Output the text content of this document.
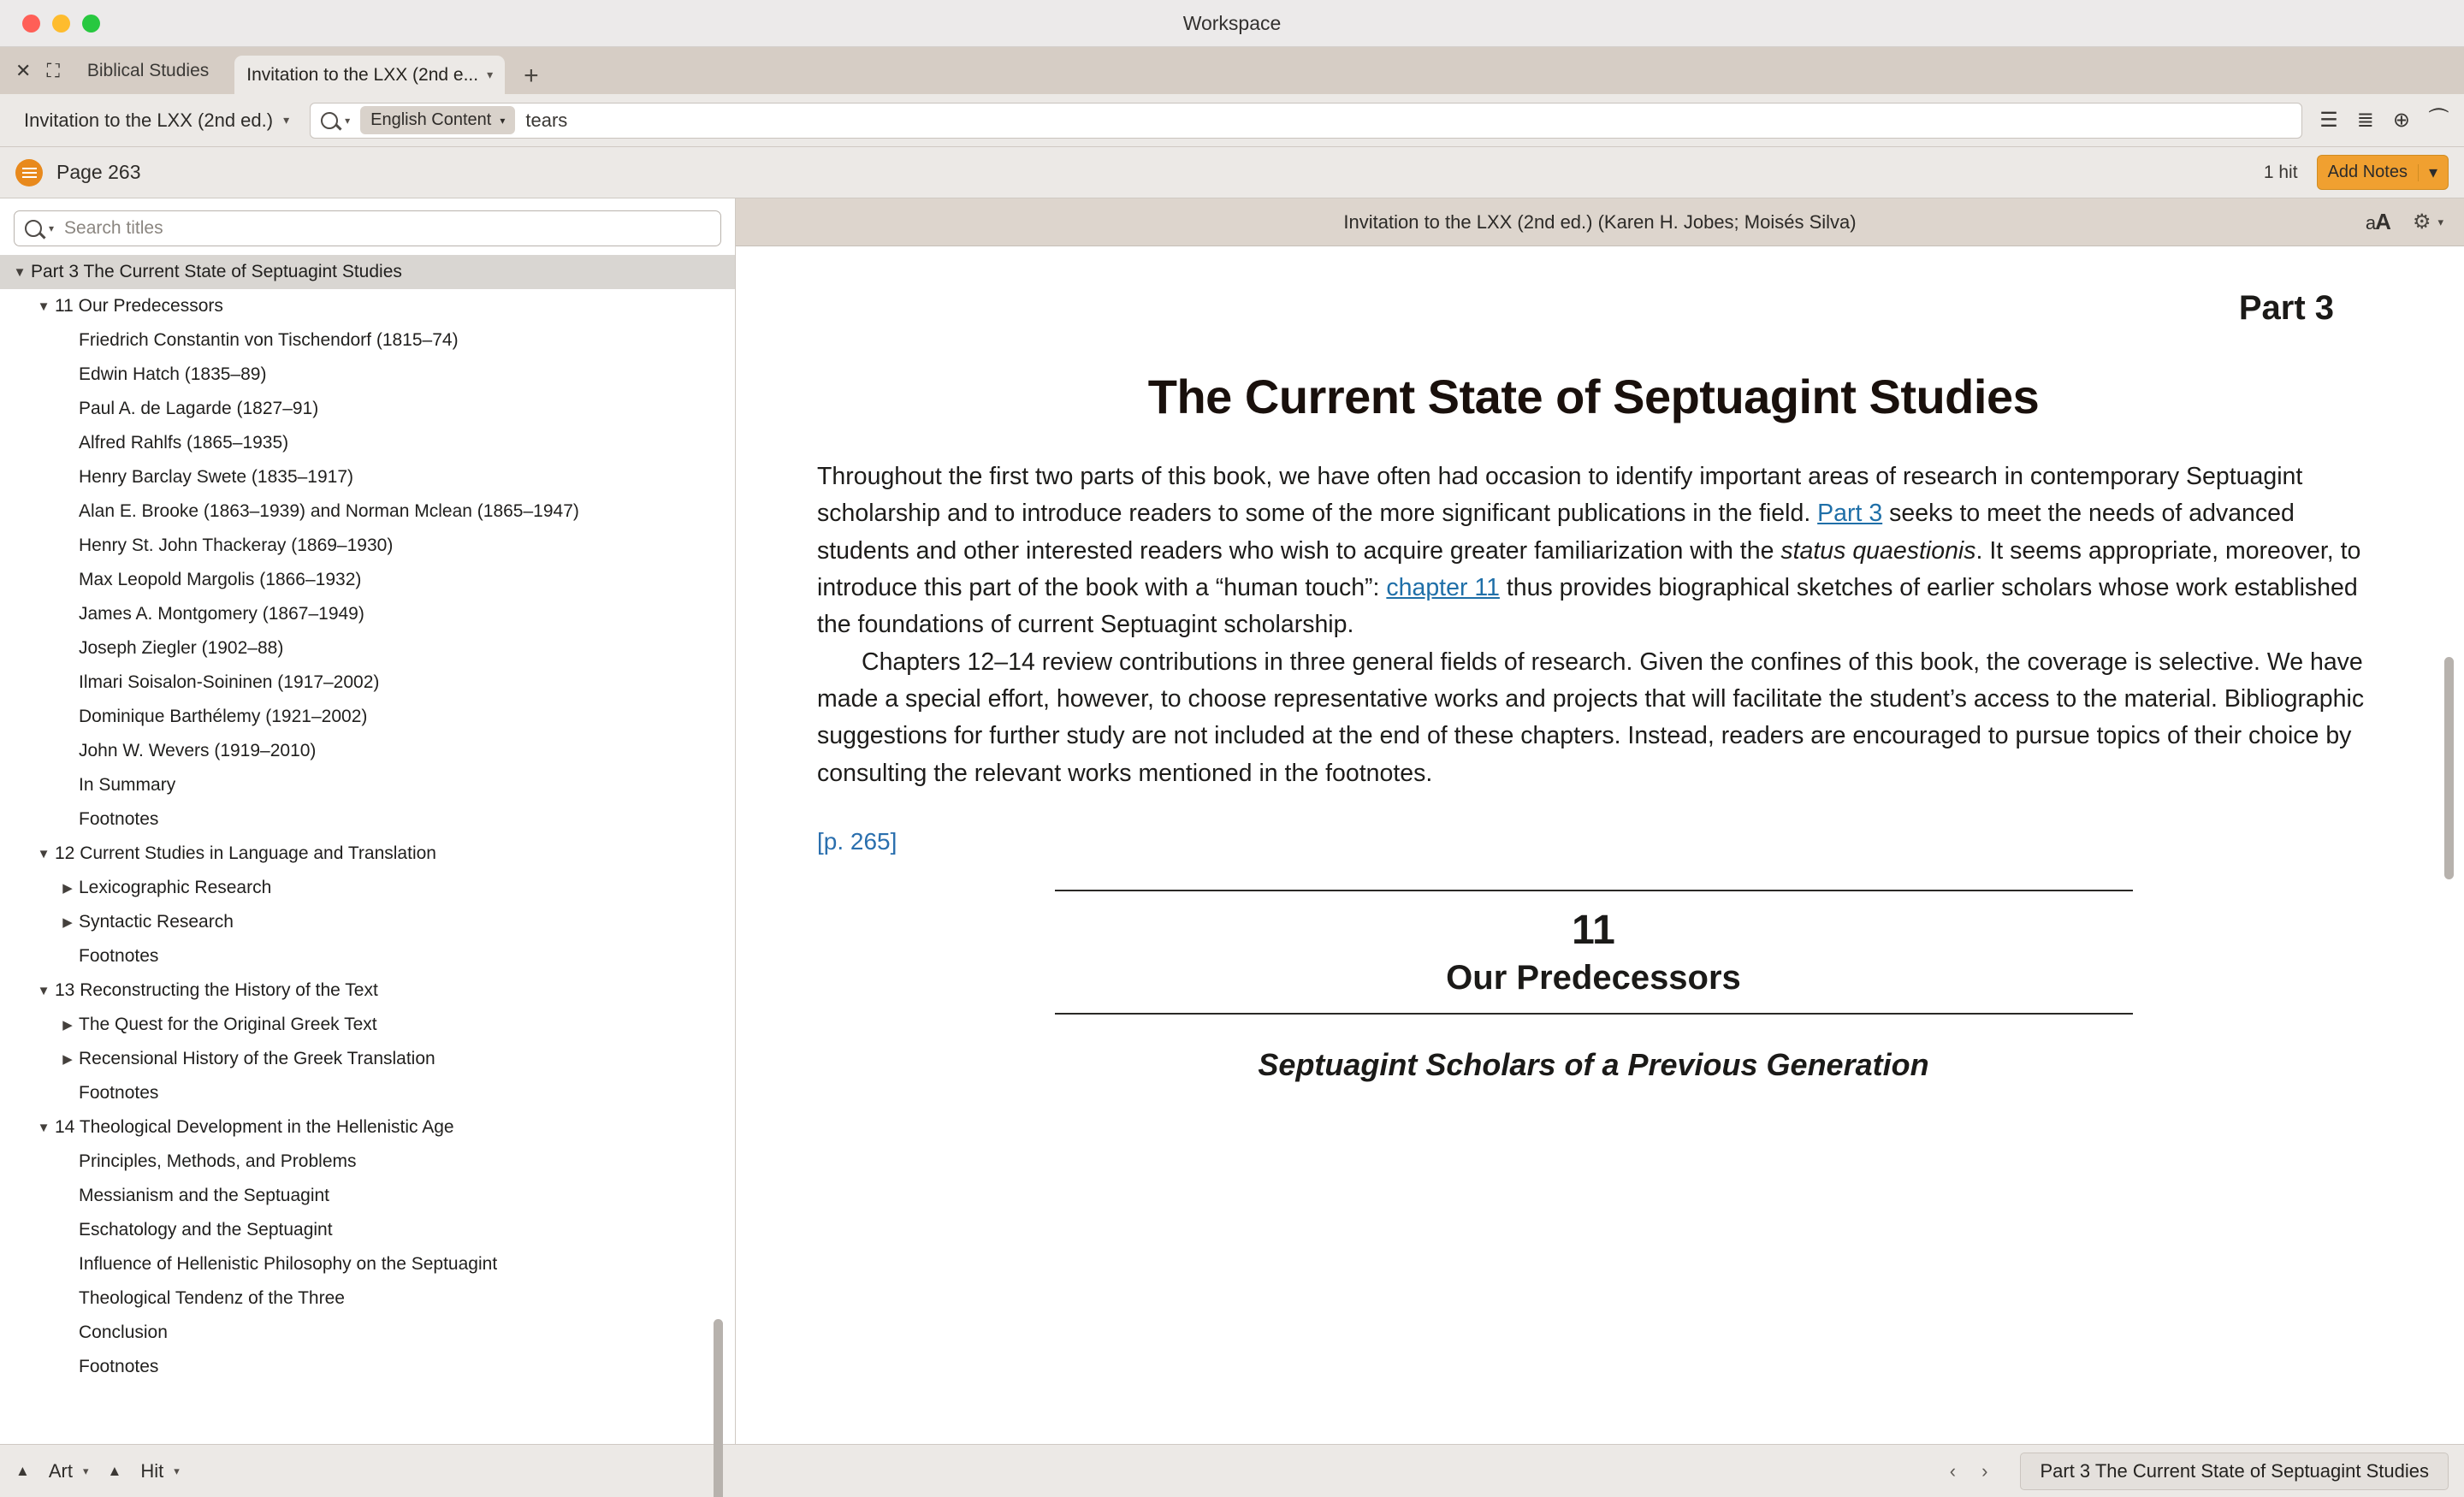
Workspace
✕ ⛶	Biblical Studies	Invitation to the LXX (2nd e... ▾	+
Invitation to the LXX (2nd ed.) ▾	▾ English Content ▾ tears	☰ ≣ ⊕ ⏜
Page 263	1 hit Add Notes ▾
▾ Search titles
▼ Part 3 The Current State of Septuagint Studies
▼ 11 Our Predecessors
Friedrich Constantin von Tischendorf (1815–74)
Edwin Hatch (1835–89)
Paul A. de Lagarde (1827–91)
Alfred Rahlfs (1865–1935)
Henry Barclay Swete (1835–1917)
Alan E. Brooke (1863–1939) and Norman Mclean (1865–1947)
Henry St. John Thackeray (1869–1930)
Max Leopold Margolis (1866–1932)
James A. Montgomery (1867–1949)
Joseph Ziegler (1902–88)
Ilmari Soisalon-Soininen (1917–2002)
Dominique Barthélemy (1921–2002)
John W. Wevers (1919–2010)
In Summary
Footnotes
▼ 12 Current Studies in Language and Translation
▶ Lexicographic Research
▶ Syntactic Research
Footnotes
▼ 13 Reconstructing the History of the Text
▶ The Quest for the Original Greek Text
▶ Recensional History of the Greek Translation
Footnotes
▼ 14 Theological Development in the Hellenistic Age
Principles, Methods, and Problems
Messianism and the Septuagint
Eschatology and the Septuagint
Influence of Hellenistic Philosophy on the Septuagint
Theological Tendenz of the Three
Conclusion
Footnotes
Invitation to the LXX (2nd ed.) (Karen H. Jobes; Moisés Silva)	aA ⚙ ▾
Part 3
The Current State of Septuagint Studies

Throughout the first two parts of this book, we have often had occasion to identify important areas of research in contemporary Septuagint scholarship and to introduce readers to some of the more significant publications in the field. Part 3 seeks to meet the needs of advanced students and other interested readers who wish to acquire greater familiarization with the status quaestionis. It seems appropriate, moreover, to introduce this part of the book with a “human touch”: chapter 11 thus provides biographical sketches of earlier scholars whose work established the foundations of current Septuagint scholarship.

Chapters 12–14 review contributions in three general fields of research. Given the confines of this book, the coverage is selective. We have made a special effort, however, to choose representative works and projects that will facilitate the student’s access to the material. Bibliographic suggestions for further study are not included at the end of these chapters. Instead, readers are encouraged to pursue topics of their choice by consulting the relevant works mentioned in the footnotes.

[p. 265]
11
Our Predecessors
Septuagint Scholars of a Previous Generation
▲ Art ▾ ▲ Hit ▾	‹ ›	Part 3 The Current State of Septuagint Studies
